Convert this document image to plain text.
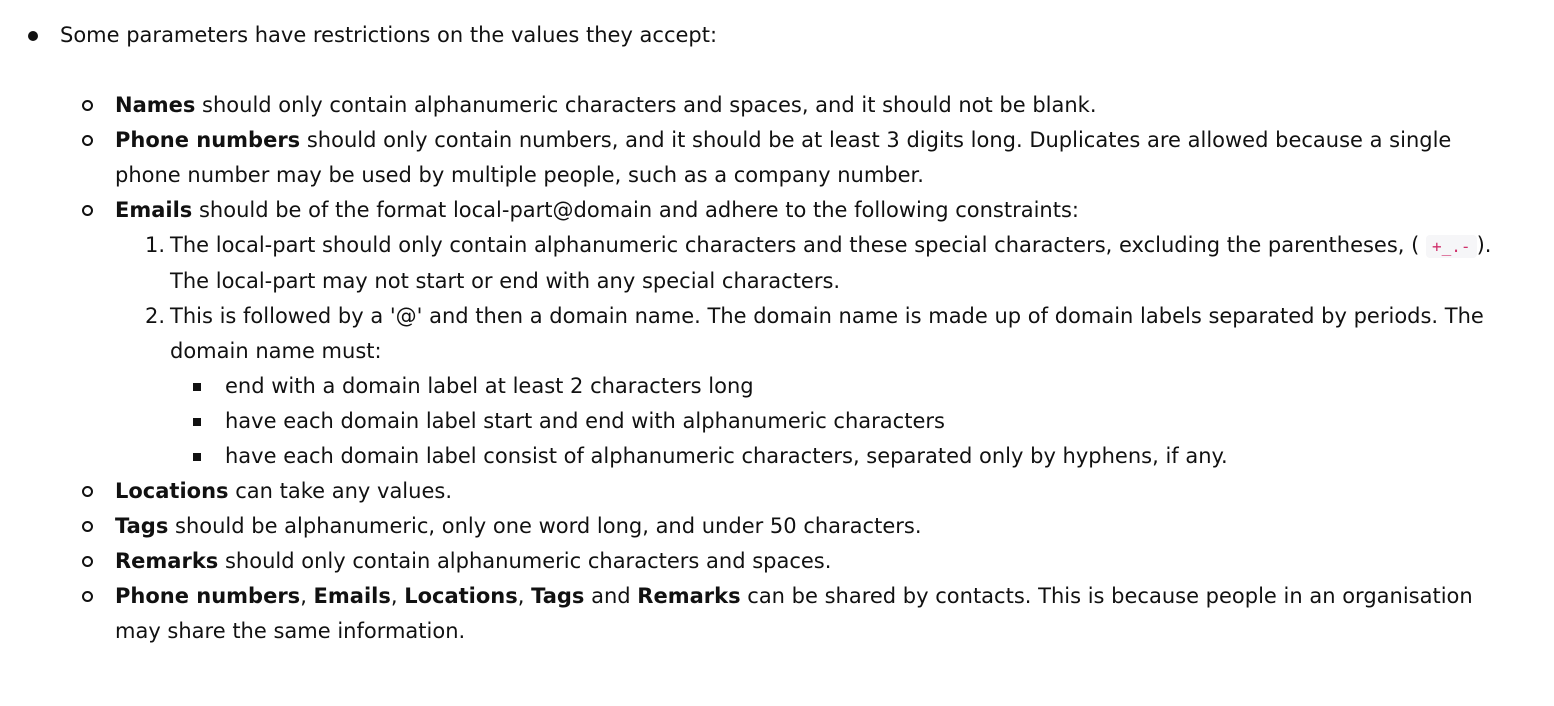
Some parameters have restrictions on the values they accept:
Names should only contain alphanumeric characters and spaces, and it should not be blank.
Phone numbers should only contain numbers, and it should be at least 3 digits long. Duplicates are allowed because a single phone number may be used by multiple people, such as a company number.
Emails should be of the format local-part@domain and adhere to the following constraints:
1. The local-part should only contain alphanumeric characters and these special characters, excluding the parentheses, ( +_.- ). The local-part may not start or end with any special characters.
2. This is followed by a '@' and then a domain name. The domain name is made up of domain labels separated by periods. The domain name must:
end with a domain label at least 2 characters long
have each domain label start and end with alphanumeric characters
have each domain label consist of alphanumeric characters, separated only by hyphens, if any.
Locations can take any values.
Tags should be alphanumeric, only one word long, and under 50 characters.
Remarks should only contain alphanumeric characters and spaces.
Phone numbers, Emails, Locations, Tags and Remarks can be shared by contacts. This is because people in an organisation may share the same information.
